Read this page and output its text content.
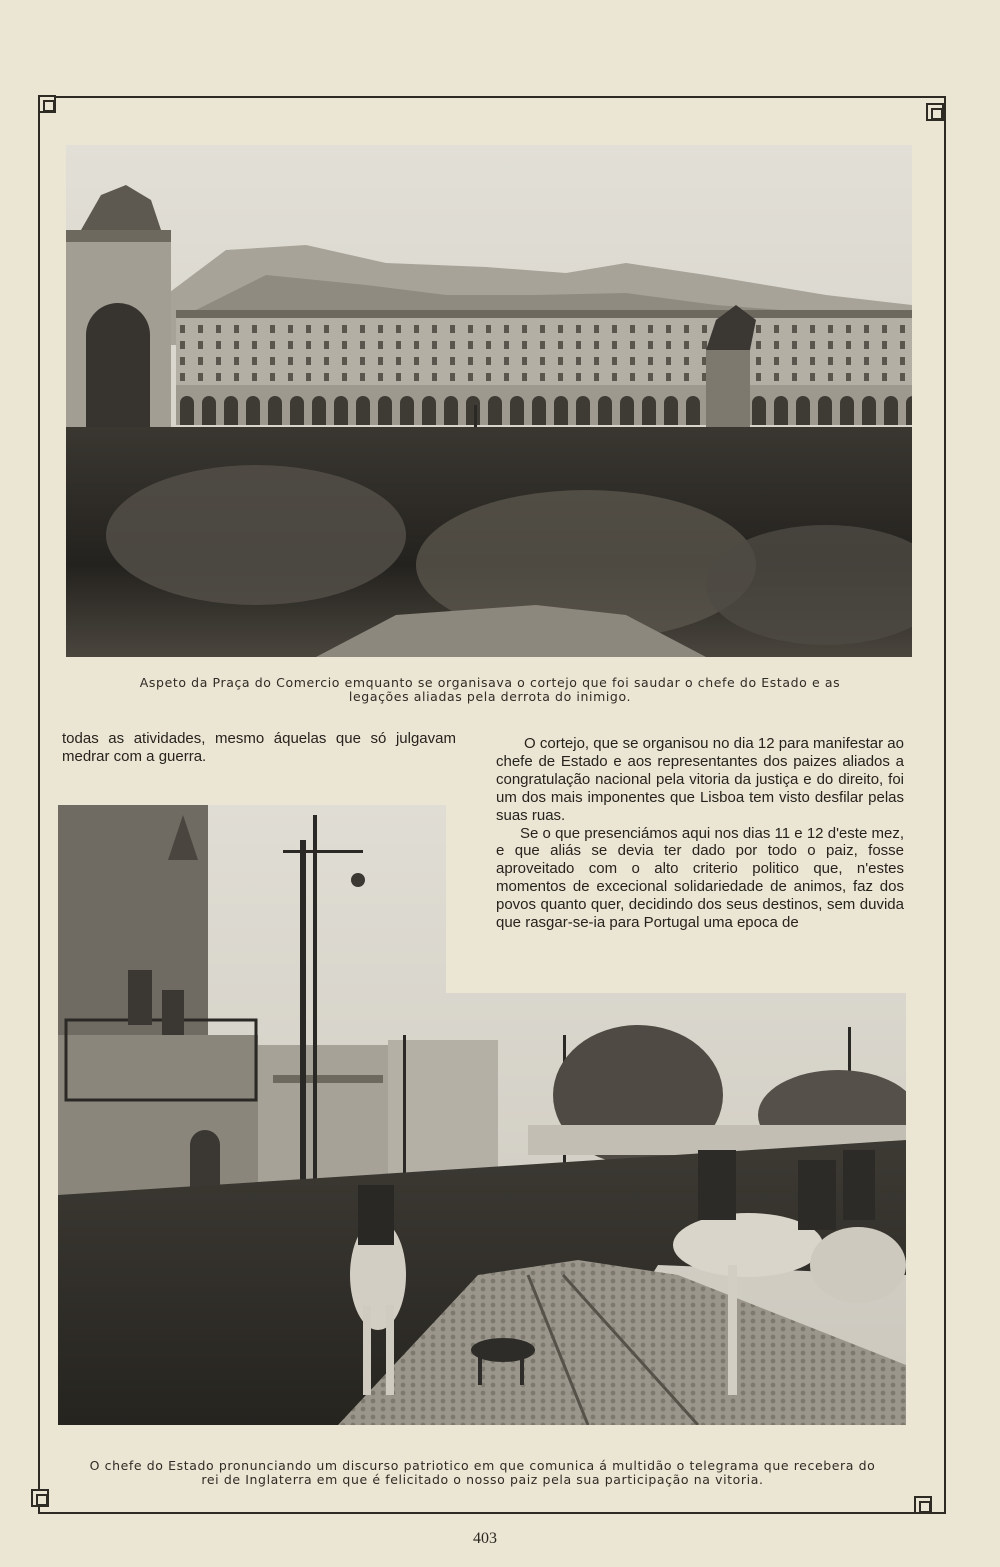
Aspeto da Praça do Comercio emquanto se organisava o cortejo que foi saudar o chefe do Estado e as legações aliadas pela derrota do inimigo.

todas as atividades, mesmo áquelas que só julgavam medrar com a guerra.

O cortejo, que se organisou no dia 12 para manifestar ao chefe de Estado e aos representantes dos paizes aliados a congratulação nacional pela vitoria da justiça e do direito, foi um dos mais imponentes que Lisboa tem visto desfilar pelas suas ruas.

Se o que presenciámos aqui nos dias 11 e 12 d'este mez, e que aliás se devia ter dado por todo o paiz, fosse aproveitado com o alto criterio politico que, n'estes momentos de excecional solidariedade de animos, faz dos povos quanto quer, decidindo dos seus destinos, sem duvida que rasgar-se-ia para Portugal uma epoca de

O chefe do Estado pronunciando um discurso patriotico em que comunica á multidão o telegrama que recebera do rei de Inglaterra em que é felicitado o nosso paiz pela sua participação na vitoria.
403
